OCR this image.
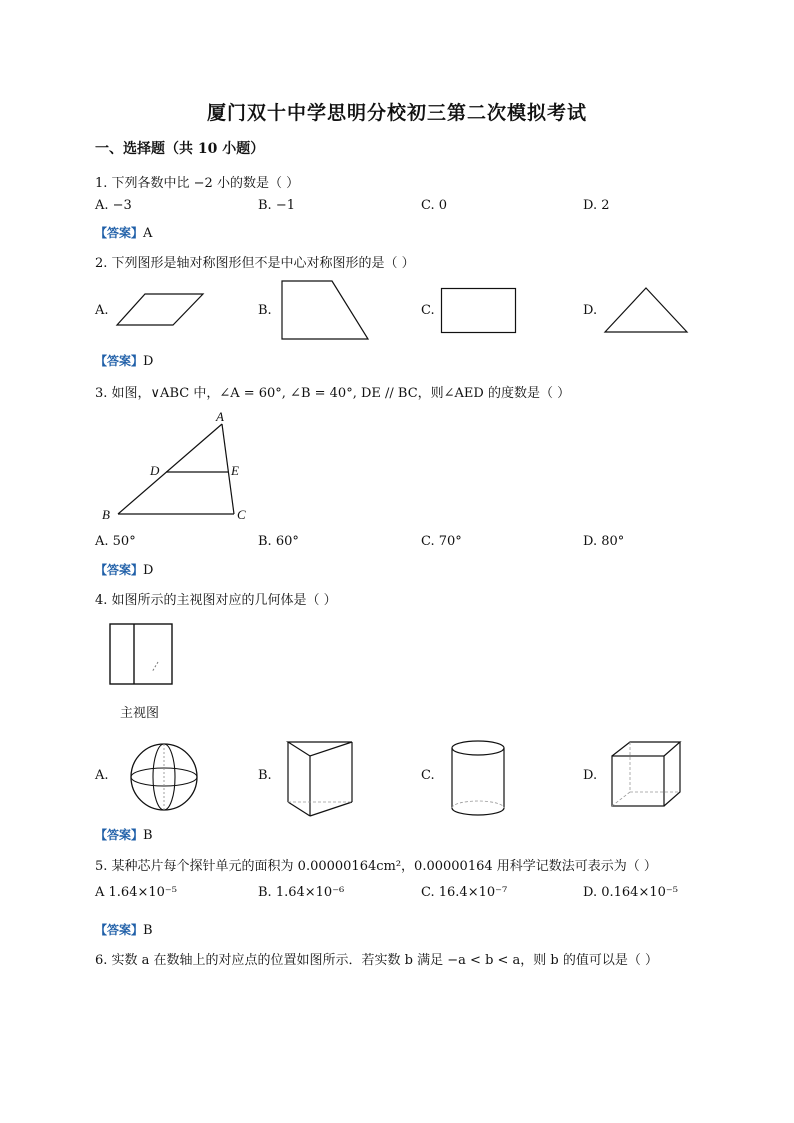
厦门双十中学思明分校初三第二次模拟考试
一、选择题（共 10 小题）
1. 下列各数中比 −2 小的数是（ ）
A. −3	B. −1	C. 0	D. 2
【答案】A
2. 下列图形是轴对称图形但不是中心对称图形的是（ ）
A.	B.	C.	D.
【答案】D
3. 如图，∨ABC 中，∠A = 60°, ∠B = 40°, DE // BC，则∠AED 的度数是（ ）
A
D	E
B	C
A. 50°	B. 60°	C. 70°	D. 80°
【答案】D
4. 如图所示的主视图对应的几何体是（ ）
主视图
A.	B.	C.	D.
【答案】B
5. 某种芯片每个探针单元的面积为 0.00000164cm²，0.00000164 用科学记数法可表示为（ ）
A 1.64×10⁻⁵	B. 1.64×10⁻⁶	C. 16.4×10⁻⁷	D. 0.164×10⁻⁵
【答案】B
6. 实数 a 在数轴上的对应点的位置如图所示．若实数 b 满足 −a < b < a，则 b 的值可以是（ ）
